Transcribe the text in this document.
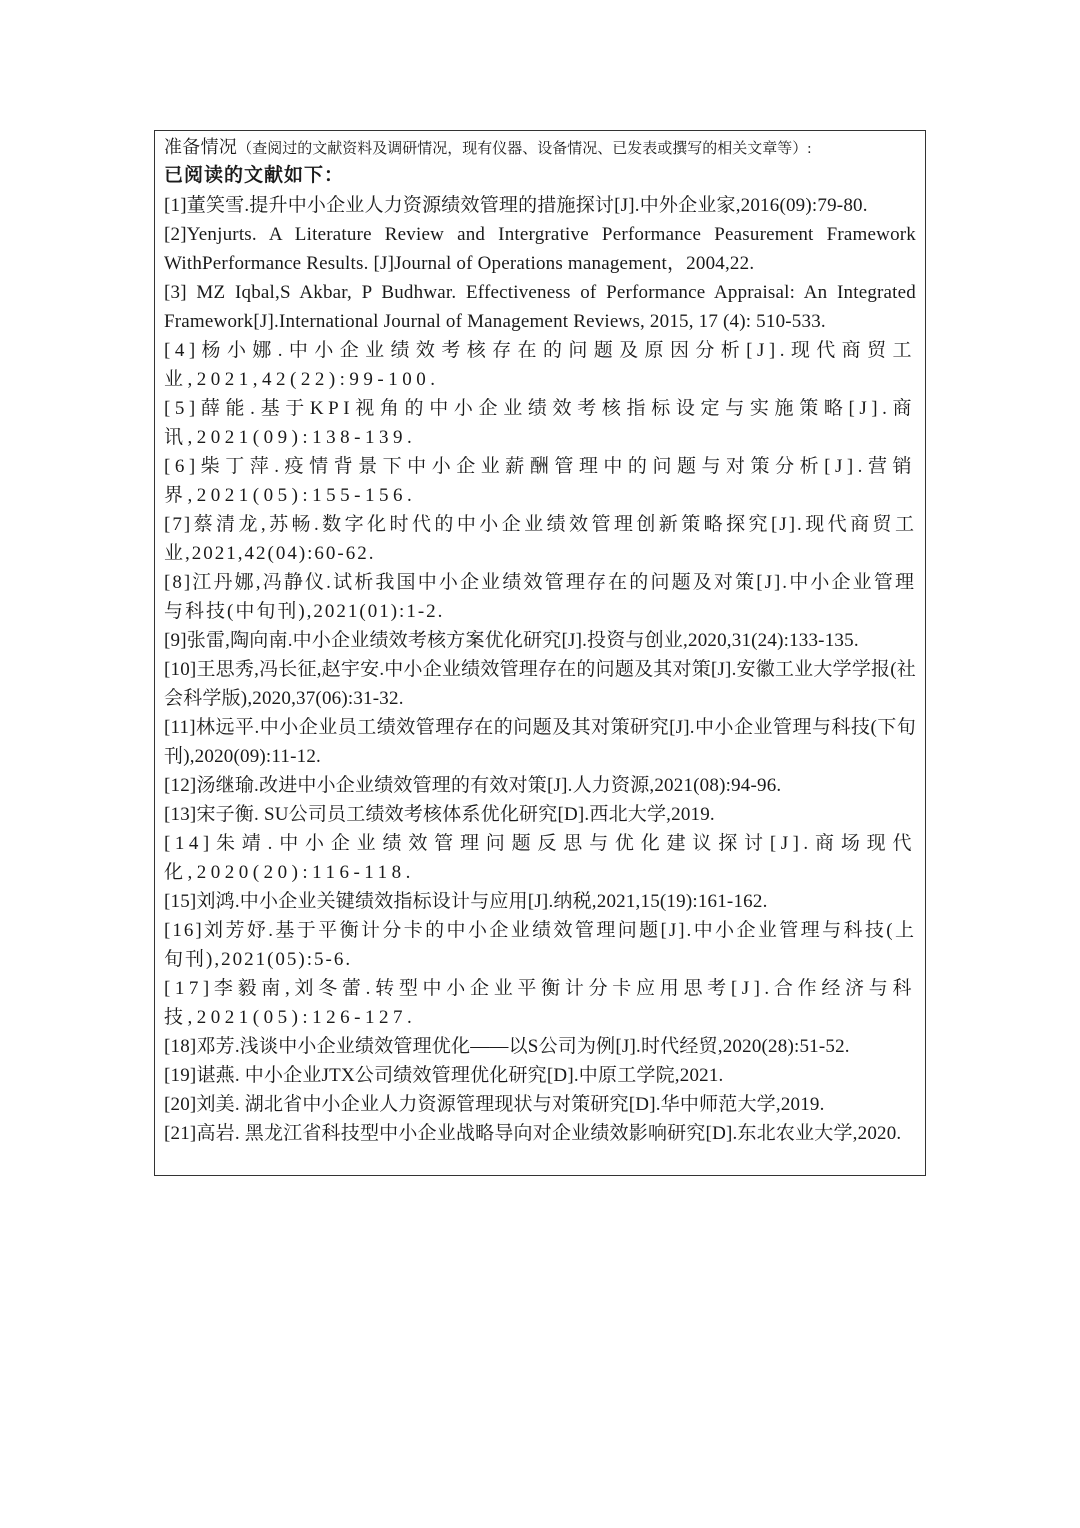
准备情况（查阅过的文献资料及调研情况，现有仪器、设备情况、已发表或撰写的相关文章等）:
已阅读的文献如下：

[1]董笑雪.提升中小企业人力资源绩效管理的措施探讨[J].中外企业家,2016(09):79-80.

[2]Yenjurts. A Literature Review and Intergrative Performance Peasurement Framework WithPerformance Results. [J]Journal of Operations management，2004,22.

[3] MZ Iqbal,S Akbar, P Budhwar. Effectiveness of Performance Appraisal: An Integrated Framework[J].International Journal of Management Reviews, 2015, 17 (4): 510-533.

[4]杨小娜.中小企业绩效考核存在的问题及原因分析[J].现代商贸工业,2021,42(22):99-100.

[5]薛能.基于KPI视角的中小企业绩效考核指标设定与实施策略[J].商讯,2021(09):138-139.

[6]柴丁萍.疫情背景下中小企业薪酬管理中的问题与对策分析[J].营销界,2021(05):155-156.

[7]蔡清龙,苏畅.数字化时代的中小企业绩效管理创新策略探究[J].现代商贸工业,2021,42(04):60-62.

[8]江丹娜,冯静仪.试析我国中小企业绩效管理存在的问题及对策[J].中小企业管理与科技(中旬刊),2021(01):1-2.

[9]张雷,陶向南.中小企业绩效考核方案优化研究[J].投资与创业,2020,31(24):133-135.

[10]王思秀,冯长征,赵宇安.中小企业绩效管理存在的问题及其对策[J].安徽工业大学学报(社会科学版),2020,37(06):31-32.

[11]林远平.中小企业员工绩效管理存在的问题及其对策研究[J].中小企业管理与科技(下旬刊),2020(09):11-12.

[12]汤继瑜.改进中小企业绩效管理的有效对策[J].人力资源,2021(08):94-96.

[13]宋子衡. SU公司员工绩效考核体系优化研究[D].西北大学,2019.

[14]朱靖.中小企业绩效管理问题反思与优化建议探讨[J].商场现代化,2020(20):116-118.

[15]刘鸿.中小企业关键绩效指标设计与应用[J].纳税,2021,15(19):161-162.

[16]刘芳妤.基于平衡计分卡的中小企业绩效管理问题[J].中小企业管理与科技(上旬刊),2021(05):5-6.

[17]李毅南,刘冬蕾.转型中小企业平衡计分卡应用思考[J].合作经济与科技,2021(05):126-127.

[18]邓芳.浅谈中小企业绩效管理优化——以S公司为例[J].时代经贸,2020(28):51-52.

[19]谌燕. 中小企业JTX公司绩效管理优化研究[D].中原工学院,2021.

[20]刘美. 湖北省中小企业人力资源管理现状与对策研究[D].华中师范大学,2019.

[21]高岩. 黑龙江省科技型中小企业战略导向对企业绩效影响研究[D].东北农业大学,2020.
